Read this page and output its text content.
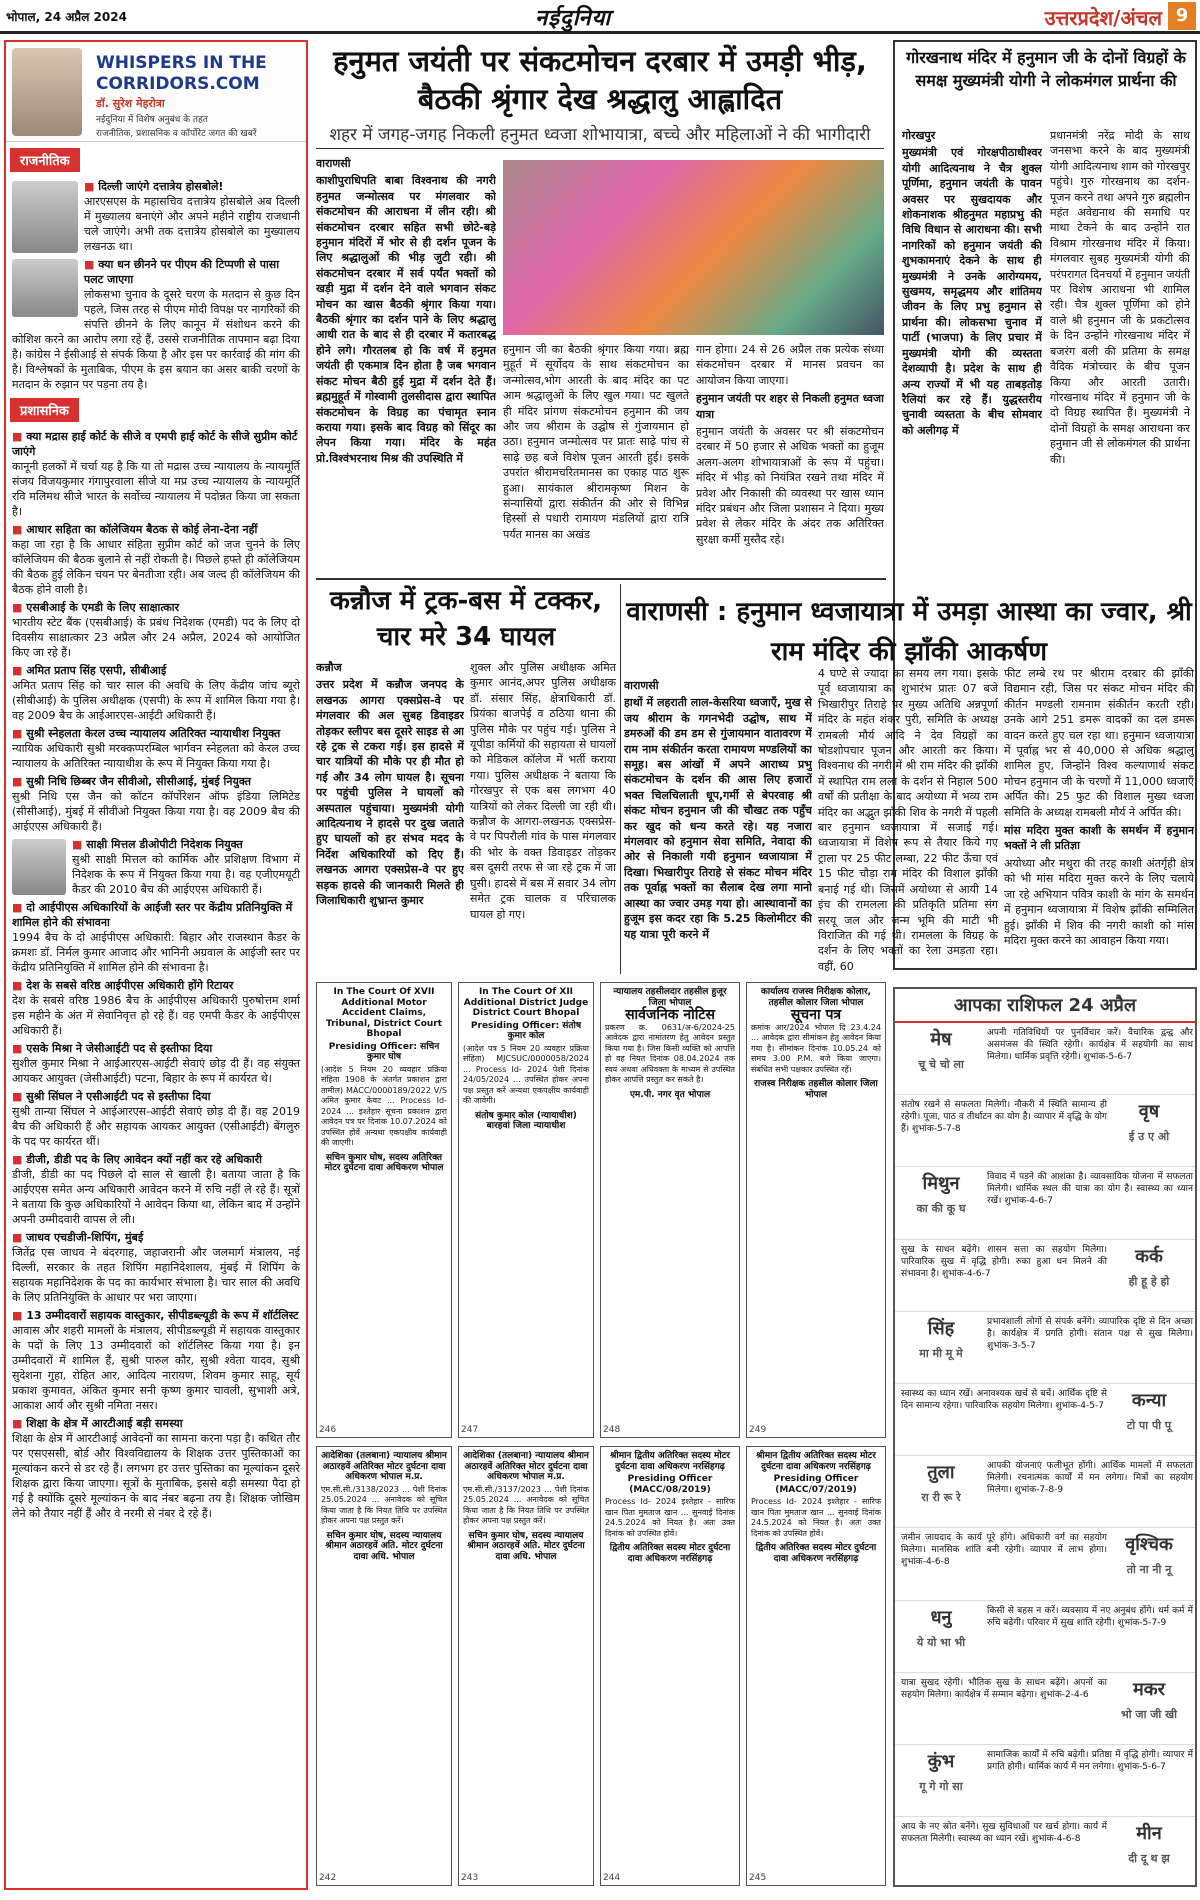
भोपाल, 24 अप्रैल 2024	नईदुनिया	उत्तरप्रदेश/अंचल 9
WHISPERS IN THE
CORRIDORS.COM
डॉ. सुरेश मेहरोत्रा
नईदुनिया में विशेष अनुबंध के तहत
राजनीतिक, प्रशासनिक व कॉर्पोरेट जगत की खबरें
राजनीतिक
■ दिल्ली जाएंगे दत्तात्रेय होसबोले!

आरएसएस के महासचिव दत्तात्रेय होसबोले अब दिल्ली में मुख्यालय बनाएंगे और अपने महीने राष्ट्रीय राजधानी चले जाएंगे। अभी तक दत्तात्रेय होसबोले का मुख्यालय लखनऊ था।

■ क्या धन छीनने पर पीएम की टिप्पणी से पासा पलट जाएगा

लोकसभा चुनाव के दूसरे चरण के मतदान से कुछ दिन पहले, जिस तरह से पीएम मोदी विपक्ष पर नागरिकों की संपत्ति छीनने के लिए कानून में संशोधन करने की कोशिश करने का आरोप लगा रहे हैं, उससे राजनीतिक तापमान बढ़ा दिया है। कांग्रेस ने ईसीआई से संपर्क किया है और इस पर कार्रवाई की मांग की है। विश्लेषकों के मुताबिक, पीएम के इस बयान का असर बाकी चरणों के मतदान के रुझान पर पड़ना तय है।

प्रशासनिक
■ क्या मद्रास हाई कोर्ट के सीजे व एमपी हाई कोर्ट के सीजे सुप्रीम कोर्ट जाएंगे

कानूनी हलकों में चर्चा यह है कि या तो मद्रास उच्च न्यायालय के न्यायमूर्ति संजय विजयकुमार गंगापुरवाला सीजे या मप्र उच्च न्यायालय के न्यायमूर्ति रवि मलिमथ सीजे भारत के सर्वोच्च न्यायालय में पदोन्नत किया जा सकता है।

■ आधार सहिता का कॉलेजियम बैठक से कोई लेना-देना नहीं

कहा जा रहा है कि आधार संहिता सुप्रीम कोर्ट को जज चुनने के लिए कॉलेजियम की बैठक बुलाने से नहीं रोकती है। पिछले हफ्ते ही कॉलेजियम की बैठक हुई लेकिन चयन पर बेनतीजा रही। अब जल्द ही कॉलेजियम की बैठक होने वाली है।

■ एसबीआई के एमडी के लिए साक्षात्कार

भारतीय स्टेट बैंक (एसबीआई) के प्रबंध निदेशक (एमडी) पद के लिए दो दिवसीय साक्षात्कार 23 अप्रैल और 24 अप्रैल, 2024 को आयोजित किए जा रहे हैं।

■ अमित प्रताप सिंह एसपी, सीबीआई

अमित प्रताप सिंह को चार साल की अवधि के लिए केंद्रीय जांच ब्यूरो (सीबीआई) के पुलिस अधीक्षक (एसपी) के रूप में शामिल किया गया है। वह 2009 बैच के आईआरएस-आईटी अधिकारी हैं।

■ सुश्री स्नेहलता केरल उच्च न्यायालय अतिरिक्त न्यायाधीश नियुक्त

न्यायिक अधिकारी सुश्री मरक्कप्परम्बिल भार्गवन स्नेहलता को केरल उच्च न्यायालय के अतिरिक्त न्यायाधीश के रूप में नियुक्त किया गया है।

■ सुश्री निधि छिब्बर जैन सीवीओ, सीसीआई, मुंबई नियुक्त

सुश्री निधि एस जैन को कॉटन कॉर्पोरेशन ऑफ इंडिया लिमिटेड (सीसीआई), मुंबई में सीवीओ नियुक्त किया गया है। वह 2009 बैच की आईएएस अधिकारी हैं।

■ साक्षी मित्तल डीओपीटी निदेशक नियुक्त

सुश्री साक्षी मित्तल को कार्मिक और प्रशिक्षण विभाग में निदेशक के रूप में नियुक्त किया गया है। वह एजीएमयूटी कैडर की 2010 बैच की आईएएस अधिकारी हैं।

■ दो आईपीएस अधिकारियों के आईजी स्तर पर केंद्रीय प्रतिनियुक्ति में शामिल होने की संभावना

1994 बैच के दो आईपीएस अधिकारी: बिहार और राजस्थान कैडर के क्रमशः डॉ. निर्मल कुमार आजाद और भानिनी अग्रवाल के आईजी स्तर पर केंद्रीय प्रतिनियुक्ति में शामिल होने की संभावना है।

■ देश के सबसे वरिष्ठ आईपीएस अधिकारी होंगे रिटायर

देश के सबसे वरिष्ठ 1986 बैच के आईपीएस अधिकारी पुरुषोत्तम शर्मा इस महीने के अंत में सेवानिवृत्त हो रहे हैं। वह एमपी कैडर के आईपीएस अधिकारी हैं।

■ एसके मिश्रा ने जेसीआईटी पद से इस्तीफा दिया

सुशील कुमार मिश्रा ने आईआरएस-आईटी सेवाएं छोड़ दी हैं। वह संयुक्त आयकर आयुक्त (जेसीआईटी) पटना, बिहार के रूप में कार्यरत थे।

■ सुश्री सिंघल ने एसीआईटी पद से इस्तीफा दिया

सुश्री तान्या सिंघल ने आईआरएस-आईटी सेवाएं छोड़ दी हैं। वह 2019 बैच की अधिकारी हैं और सहायक आयकर आयुक्त (एसीआईटी) बेंगलुरु के पद पर कार्यरत थीं।

■ डीजी, डीडी पद के लिए आवेदन क्यों नहीं कर रहे अधिकारी

डीजी, डीडी का पद पिछले दो साल से खाली है। बताया जाता है कि आईएएस समेत अन्य अधिकारी आवेदन करने में रुचि नहीं ले रहे हैं। सूत्रों ने बताया कि कुछ अधिकारियों ने आवेदन किया था, लेकिन बाद में उन्होंने अपनी उम्मीदवारी वापस ले ली।

■ जाधव एचडीजी-शिपिंग, मुंबई

जितेंद्र एस जाधव ने बंदरगाह, जहाजरानी और जलमार्ग मंत्रालय, नई दिल्ली, सरकार के तहत शिपिंग महानिदेशालय, मुंबई में शिपिंग के सहायक महानिदेशक के पद का कार्यभार संभाला है। चार साल की अवधि के लिए प्रतिनियुक्ति के आधार पर भरा जाएगा।

■ 13 उम्मीदवारों सहायक वास्तुकार, सीपीडब्ल्यूडी के रूप में शॉर्टलिस्ट

आवास और शहरी मामलों के मंत्रालय, सीपीडब्ल्यूडी में सहायक वास्तुकार के पदों के लिए 13 उम्मीदवारों को शॉर्टलिस्ट किया गया है। इन उम्मीदवारों में शामिल हैं, सुश्री पारुल कौर, सुश्री श्वेता यादव, सुश्री सुदेशना गुहा, रोहित आर, आदित्य नारायण, शिवम कुमार साहू, सूर्य प्रकाश कुमावत, अंकित कुमार सनी कृष्ण कुमार चावली, सुभाशी अत्रे, आकाश आर्य और सुश्री नमिता नसर।

■ शिक्षा के क्षेत्र में आरटीआई बड़ी समस्या

शिक्षा के क्षेत्र में आरटीआई आवेदनों का सामना करना पड़ा है। कथित तौर पर एसएससी, बोर्ड और विश्वविद्यालय के शिक्षक उत्तर पुस्तिकाओं का मूल्यांकन करने से डर रहे हैं। लगभग हर उत्तर पुस्तिका का मूल्यांकन दूसरे शिक्षक द्वारा किया जाएगा। सूत्रों के मुताबिक, इससे बड़ी समस्या पैदा हो गई है क्योंकि दूसरे मूल्यांकन के बाद नंबर बढ़ना तय है। शिक्षक जोखिम लेने को तैयार नहीं हैं और वे नरमी से नंबर दे रहे हैं।

हनुमत जयंती पर संकटमोचन दरबार में उमड़ी भीड़, बैठकी श्रृंगार देख श्रद्धालु आह्लादित
शहर में जगह-जगह निकली हनुमत ध्वजा शोभायात्रा, बच्चे और महिलाओं ने की भागीदारी
वाराणसी
काशीपुराधिपति बाबा विश्वनाथ की नगरी हनुमत जन्मोत्सव पर मंगलवार को संकटमोचन की आराधना में लीन रही। श्री संकटमोचन दरबार सहित सभी छोटे-बड़े हनुमान मंदिरों में भोर से ही दर्शन पूजन के लिए श्रद्धालुओं की भीड़ जुटी रही। श्री संकटमोचन दरबार में सर्व पर्यंत भक्तों को खड़ी मुद्रा में दर्शन देने वाले भगवान संकट मोचन का खास बैठकी श्रृंगार किया गया। बैठकी श्रृंगार का दर्शन पाने के लिए श्रद्धालु आधी रात के बाद से ही दरबार में कतारबद्ध होने लगे। गौरतलब हो कि वर्ष में हनुमत जयंती ही एकमात्र दिन होता है जब भगवान संकट मोचन बैठी हुई मुद्रा में दर्शन देते हैं। ब्रह्ममुहूर्त में गोस्वामी तुलसीदास द्वारा स्थापित संकटमोचन के विग्रह का पंचामृत स्नान कराया गया। इसके बाद विग्रह को सिंदूर का लेपन किया गया। मंदिर के महंत प्रो.विश्वंभरनाथ मिश्र की उपस्थिति में
हनुमान जी का बैठकी श्रृंगार किया गया। ब्रह्म मुहूर्त में सूर्योदय के साथ संकटमोचन का जन्मोत्सव,भोग आरती के बाद मंदिर का पट आम श्रद्धालुओं के लिए खुल गया। पट खुलते ही मंदिर प्रांगण संकटमोचन हनुमान की जय और जय श्रीराम के उद्घोष से गुंजायमान हो उठा। हनुमान जन्मोत्सव पर प्रातः साढ़े पांच से साढ़े छह बजे विशेष पूजन आरती हुई। इसके उपरांत श्रीरामचरितमानस का एकाह पाठ शुरू हुआ। सायंकाल श्रीरामकृष्ण मिशन के संन्यासियों द्वारा संकीर्तन की ओर से विभिन्न हिस्सों से पधारी रामायण मंडलियों द्वारा रात्रि पर्यंत मानस का अखंड
गान होगा। 24 से 26 अप्रैल तक प्रत्येक संध्या संकटमोचन दरबार में मानस प्रवचन का आयोजन किया जाएगा।
हनुमान जयंती पर शहर से निकली हनुमत ध्वजा यात्रा
हनुमान जयंती के अवसर पर श्री संकटमोचन दरबार में 50 हजार से अधिक भक्तों का हुजूम अलग-अलग शोभायात्राओं के रूप में पहुंचा। मंदिर में भीड़ को नियंत्रित रखने तथा मंदिर में प्रवेश और निकासी की व्यवस्था पर खास ध्यान मंदिर प्रबंधन और जिला प्रशासन ने दिया। मुख्य प्रवेश से लेकर मंदिर के अंदर तक अतिरिक्त सुरक्षा कर्मी मुस्तैद रहे।
गोरखनाथ मंदिर में हनुमान जी के दोनों विग्रहों के समक्ष मुख्यमंत्री योगी ने लोकमंगल प्रार्थना की
गोरखपुर
मुख्यमंत्री एवं गोरक्षपीठाधीश्वर योगी आदित्यनाथ ने चैत्र शुक्ल पूर्णिमा, हनुमान जयंती के पावन अवसर पर सुखदायक और शोकनाशक श्रीहनुमत महाप्रभु की विधि विधान से आराधना की। सभी नागरिकों को हनुमान जयंती की शुभकामनाएं देकने के साथ ही मुख्यमंत्री ने उनके आरोग्यमय, सुखमय, समृद्धमय और शांतिमय जीवन के लिए प्रभु हनुमान से प्रार्थना की। लोकसभा चुनाव में पार्टी (भाजपा) के लिए प्रचार में मुख्यमंत्री योगी की व्यस्तता देशव्यापी है। प्रदेश के साथ ही अन्य राज्यों में भी यह ताबड़तोड़ रैलियां कर रहे हैं। युद्धस्तरीय चुनावी व्यस्तता के बीच सोमवार को अलीगढ़ में
प्रधानमंत्री नरेंद्र मोदी के साथ जनसभा करने के बाद मुख्यमंत्री योगी आदित्यनाथ शाम को गोरखपुर पहुंचे। गुरु गोरखनाथ का दर्शन-पूजन करने तथा अपने गुरु ब्रह्मलीन महंत अवेद्यनाथ की समाधि पर माथा टेकने के बाद उन्होंने रात विश्राम गोरखनाथ मंदिर में किया। मंगलवार सुबह मुख्यमंत्री योगी की परंपरागत दिनचर्या में हनुमान जयंती पर विशेष आराधना भी शामिल रही। चैत्र शुक्ल पूर्णिमा को होने वाले श्री हनुमान जी के प्रकटोत्सव के दिन उन्होंने गोरखनाथ मंदिर में बजरंग बली की प्रतिमा के समक्ष वैदिक मंत्रोच्चार के बीच पूजन किया और आरती उतारी। गोरखनाथ मंदिर में हनुमान जी के दो विग्रह स्थापित हैं। मुख्यमंत्री ने दोनों विग्रहों के समक्ष आराधना कर हनुमान जी से लोकमंगल की प्रार्थना की।
कन्नौज में ट्रक-बस में टक्कर, चार मरे 34 घायल
कन्नौज
उत्तर प्रदेश में कन्नौज जनपद के लखनऊ आगरा एक्सप्रेस-वे पर मंगलवार की अल सुबह डिवाइडर तोड़कर स्लीपर बस दूसरे साइड से आ रहे ट्रक से टकरा गई। इस हादसे में चार यात्रियों की मौके पर ही मौत हो गई और 34 लोग घायल है। सूचना पर पहुंची पुलिस ने घायलों को अस्पताल पहुंचाया। मुख्यमंत्री योगी आदित्यनाथ ने हादसे पर दुख जताते हुए घायलों को हर संभव मदद के निर्देश अधिकारियों को दिए हैं। लखनऊ आगरा एक्सप्रेस-वे पर हुए सड़क हादसे की जानकारी मिलते ही जिलाधिकारी शुभ्रान्त कुमार
शुक्ल और पुलिस अधीक्षक अमित कुमार आनंद,अपर पुलिस अधीक्षक डॉ. संसार सिंह, क्षेत्राधिकारी डॉ. प्रियंका बाजपेई व ठठिया थाना की पुलिस मौके पर पहुंच गई। पुलिस ने यूपीडा कर्मियों की सहायता से घायलों को मेडिकल कॉलेज में भर्ती कराया गया। पुलिस अधीक्षक ने बताया कि गोरखपुर से एक बस लगभग 40 यात्रियों को लेकर दिल्ली जा रही थी। कन्नौज के आगरा-लखनऊ एक्सप्रेस-वे पर पिपरौली गांव के पास मंगलवार की भोर के वक्त डिवाइडर तोड़कर बस दूसरी तरफ से जा रहे ट्रक में जा घुसी। हादसे में बस में सवार 34 लोग समेत ट्रक चालक व परिचालक घायल हो गए।
वाराणसी : हनुमान ध्वजायात्रा में उमड़ा आस्था का ज्वार, श्री राम मंदिर की झाँकी आकर्षण
वाराणसी
हाथों में लहराती लाल-केसरिया ध्वजाएँ, मुख से जय श्रीराम के गगनभेदी उद्घोष, साथ में डमरुओं की डम डम से गुंजायमान वातावरण में राम नाम संकीर्तन करता रामायण मण्डलियों का समूह। बस आंखों में अपने आराध्य प्रभु संकटमोचन के दर्शन की आस लिए हजारों भक्त चिलचिलाती धूप,गर्मी से बेपरवाह श्री संकट मोचन हनुमान जी की चौखट तक पहुँच कर खुद को धन्य करते रहे। यह नजारा मंगलवार को हनुमान सेवा समिति, नेवादा की ओर से निकाली गयी हनुमान ध्वजायात्रा में दिखा। भिखारीपुर तिराहे से संकट मोचन मंदिर तक पूर्वाह्न भक्तों का सैलाब देख लगा मानो आस्था का ज्वार उमड़ गया हो। आस्थावानों का हुजूम इस कदर रहा कि 5.25 किलोमीटर की यह यात्रा पूरी करने में
4 घण्टे से ज्यादा का समय लग गया। इसके पूर्व ध्वजायात्रा का शुभारंभ प्रातः 07 बजे भिखारीपुर तिराहे पर मुख्य अतिथि अन्नपूर्णा मंदिर के महंत शंकर पुरी, समिति के अध्यक्ष रामबली मौर्य आदि ने देव विग्रहों का षोडशोपचार पूजन और आरती कर किया। विश्वनाथ की नगरी में श्री राम मंदिर की झाँकी में स्थापित राम लला के दर्शन से निहाल 500 वर्षों की प्रतीक्षा के बाद अयोध्या में भव्य राम मंदिर का अद्भुत झाँकी शिव के नगरी में पहली बार हनुमान ध्वजायात्रा में सजाई गई। ध्वजायात्रा में विशेष रूप से तैयार किये गए ट्राला पर 25 फीट लम्बा, 22 फीट ऊँचा एवं 15 फीट चौड़ा राम मंदिर की विशाल झाँकी बनाई गई थी। जिसमें अयोध्या से आयी 14 इंच की रामलला की प्रतिकृति प्रतिमा संग सरयू जल और जन्म भूमि की माटी भी विराजित की गई थी। रामलला के विग्रह के दर्शन के लिए भक्तों का रेला उमड़ता रहा। वहीं, 60
फीट लम्बे रथ पर श्रीराम दरबार की झाँकी विद्यमान रही, जिस पर संकट मोचन मंदिर की कीर्तन मण्डली रामनाम संकीर्तन करती रही। उनके आगे 251 डमरू वादकों का दल डमरू वादन करते हुए चल रहा था। हनुमान ध्वजायात्रा में पूर्वाह्न भर से 40,000 से अधिक श्रद्धालु शामिल हुए, जिन्होंने विश्व कल्याणार्थ संकट मोचन हनुमान जी के चरणों में 11,000 ध्वजाएँ अर्पित की। 25 फुट की विशाल मुख्य ध्वजा समिति के अध्यक्ष रामबली मौर्य ने अर्पित की।
मांस मदिरा मुक्त काशी के समर्थन में हनुमान भक्तों ने ली प्रतिज्ञा
अयोध्या और मथुरा की तरह काशी अंतर्गृही क्षेत्र को भी मांस मदिरा मुक्त करने के लिए चलाये जा रहे अभियान पवित्र काशी के मांग के समर्थन में हनुमान ध्वजायात्रा में विशेष झाँकी सम्मिलित हुई। झाँकी में शिव की नगरी काशी को मांस मदिरा मुक्त करने का आवाहन किया गया।
In The Court Of XVII Additional Motor Accident Claims, Tribunal, District Court Bhopal
Presiding Officer: सचिन कुमार घोष
(आदेश 5 नियम 20 व्यवहार प्रक्रिया संहिता 1908 के अंतर्गत प्रकाशन द्वारा तामील) MACC/0000189/2022 V/S अमित कुमार केवट ... Process Id- 2024 ... इश्तेहार सूचना प्रकाशन द्वारा आवेदन पत्र पर दिनांक 10.07.2024 को उपस्थित होवें अन्यथा एकपक्षीय कार्यवाही की जाएगी।
सचिन कुमार घोष, सदस्य अतिरिक्त मोटर दुर्घटना दावा अधिकरण भोपाल
246
In The Court Of XII Additional District Judge District Court Bhopal
Presiding Officer: संतोष कुमार कोल
(आदेश पत्र 5 नियम 20 व्यवहार प्रक्रिया संहिता) MJCSUC/0000058/2024 ... Process Id- 2024 पेशी दिनांक 24/05/2024 ... उपस्थित होकर अपना पक्ष प्रस्तुत करें अन्यथा एकपक्षीय कार्यवाही की जावेगी।
संतोष कुमार कोल (न्यायाधीश) बारहवां जिला न्यायाधीश
247
न्यायालय तहसीलदार तहसील हुजूर जिला भोपाल
सार्वजनिक नोटिस
प्रकरण क्र. 0631/अ-6/2024-25 आवेदक द्वारा नामांतरण हेतु आवेदन प्रस्तुत किया गया है। जिस किसी व्यक्ति को आपत्ति हो वह नियत दिनांक 08.04.2024 तक स्वयं अथवा अधिवक्ता के माध्यम से उपस्थित होकर आपत्ति प्रस्तुत कर सकते है।
एम.पी. नगर वृत भोपाल
248
कार्यालय राजस्व निरीक्षक कोलार, तहसील कोलार जिला भोपाल
सूचना पत्र
क्रमांक आर/2024 भोपाल दि 23.4.24 ... आवेदक द्वारा सीमांकन हेतु आवेदन किया गया है। सीमांकन दिनांक 10.05.24 को समय 3.00 P.M. बजे किया जाएगा। संबंधित सभी पक्षकार उपस्थित रहें।
राजस्व निरीक्षक तहसील कोलार जिला भोपाल
249
आदेशिका (तलबाना) न्यायालय श्रीमान अठारहवें अतिरिक्त मोटर दुर्घटना दावा अधिकरण भोपाल म.प्र.
एम.सी.सी./3138/2023 ... पेशी दिनांक 25.05.2024 ... अनावेदक को सूचित किया जाता है कि नियत तिथि पर उपस्थित होकर अपना पक्ष प्रस्तुत करें।
सचिन कुमार घोष, सदस्य न्यायालय श्रीमान अठारहवें अति. मोटर दुर्घटना दावा अधि. भोपाल
242
आदेशिका (तलबाना) न्यायालय श्रीमान अठारहवें अतिरिक्त मोटर दुर्घटना दावा अधिकरण भोपाल म.प्र.
एम.सी.सी./3137/2023 ... पेशी दिनांक 25.05.2024 ... अनावेदक को सूचित किया जाता है कि नियत तिथि पर उपस्थित होकर अपना पक्ष प्रस्तुत करें।
सचिन कुमार घोष, सदस्य न्यायालय श्रीमान अठारहवें अति. मोटर दुर्घटना दावा अधि. भोपाल
243
श्रीमान द्वितीय अतिरिक्त सदस्य मोटर दुर्घटना दावा अधिकरण नरसिंहगढ़
Presiding Officer (MACC/08/2019)
Process Id- 2024 इश्तेहार - सारिफ खान पिता मुमताज खान ... सुनवाई दिनांक 24.5.2024 को नियत है। अतः उक्त दिनांक को उपस्थित होवें।
द्वितीय अतिरिक्त सदस्य मोटर दुर्घटना दावा अधिकरण नरसिंहगढ़
244
श्रीमान द्वितीय अतिरिक्त सदस्य मोटर दुर्घटना दावा अधिकरण नरसिंहगढ़
Presiding Officer (MACC/07/2019)
Process Id- 2024 इश्तेहार - सारिफ खान पिता मुमताज खान ... सुनवाई दिनांक 24.5.2024 को नियत है। अतः उक्त दिनांक को उपस्थित होवें।
द्वितीय अतिरिक्त सदस्य मोटर दुर्घटना दावा अधिकरण नरसिंहगढ़
245
आपका राशिफल 24 अप्रैल
मेष
चू चे चो ला
अपनी गतिविधियों पर पुनर्विचार करें। वैचारिक द्वन्द्व और असमंजस की स्थिति रहेगी। कार्यक्षेत्र में सहयोगी का साथ मिलेगा। धार्मिक प्रवृत्ति रहेगी। शुभांक-5-6-7
वृष
ई उ ए ओ
संतोष रखने से सफलता मिलेगी। नौकरी में स्थिति सामान्य ही रहेगी। पूजा, पाठ व तीर्थाटन का योग है। व्यापार में वृद्धि के योग हैं। शुभांक-5-7-8
मिथुन
का की कू घ
विवाद में पड़ने की आशंका है। व्यावसायिक योजना में सफलता मिलेगी। धार्मिक स्थल की यात्रा का योग है। स्वास्थ्य का ध्यान रखें। शुभांक-4-6-7
कर्क
ही हू हे हो
सुख के साधन बढ़ेंगे। शासन सत्ता का सहयोग मिलेगा। पारिवारिक सुख में वृद्धि होगी। रुका हुआ धन मिलने की संभावना है। शुभांक-4-6-7
सिंह
मा मी मू मे
प्रभावशाली लोगों से संपर्क बनेंगे। व्यापारिक दृष्टि से दिन अच्छा है। कार्यक्षेत्र में प्रगति होगी। संतान पक्ष से सुख मिलेगा। शुभांक-3-5-7
कन्या
टो पा पी पू
स्वास्थ्य का ध्यान रखें। अनावश्यक खर्च से बचें। आर्थिक दृष्टि से दिन सामान्य रहेगा। पारिवारिक सहयोग मिलेगा। शुभांक-4-5-7
तुला
रा री रू रे
आपकी योजनाएं फलीभूत होंगी। आर्थिक मामलों में सफलता मिलेगी। रचनात्मक कार्यों में मन लगेगा। मित्रों का सहयोग मिलेगा। शुभांक-7-8-9
वृश्चिक
तो ना नी नू
जमीन जायदाद के कार्य पूरे होंगे। अधिकारी वर्ग का सहयोग मिलेगा। मानसिक शांति बनी रहेगी। व्यापार में लाभ होगा। शुभांक-4-6-8
धनु
ये यो भा भी
किसी से बहस न करें। व्यवसाय में नए अनुबंध होंगे। धर्म कर्म में रुचि बढ़ेगी। परिवार में सुख शांति रहेगी। शुभांक-5-7-9
मकर
भो जा जी खी
यात्रा सुखद रहेगी। भौतिक सुख के साधन बढ़ेंगे। अपनों का सहयोग मिलेगा। कार्यक्षेत्र में सम्मान बढ़ेगा। शुभांक-2-4-6
कुंभ
गू गे गो सा
सामाजिक कार्यों में रुचि बढ़ेगी। प्रतिष्ठा में वृद्धि होगी। व्यापार में प्रगति होगी। धार्मिक कार्य में मन लगेगा। शुभांक-5-6-7
मीन
दी दू थ झ
आय के नए स्रोत बनेंगे। सुख सुविधाओं पर खर्च होगा। कार्य में सफलता मिलेगी। स्वास्थ्य का ध्यान रखें। शुभांक-4-6-8
